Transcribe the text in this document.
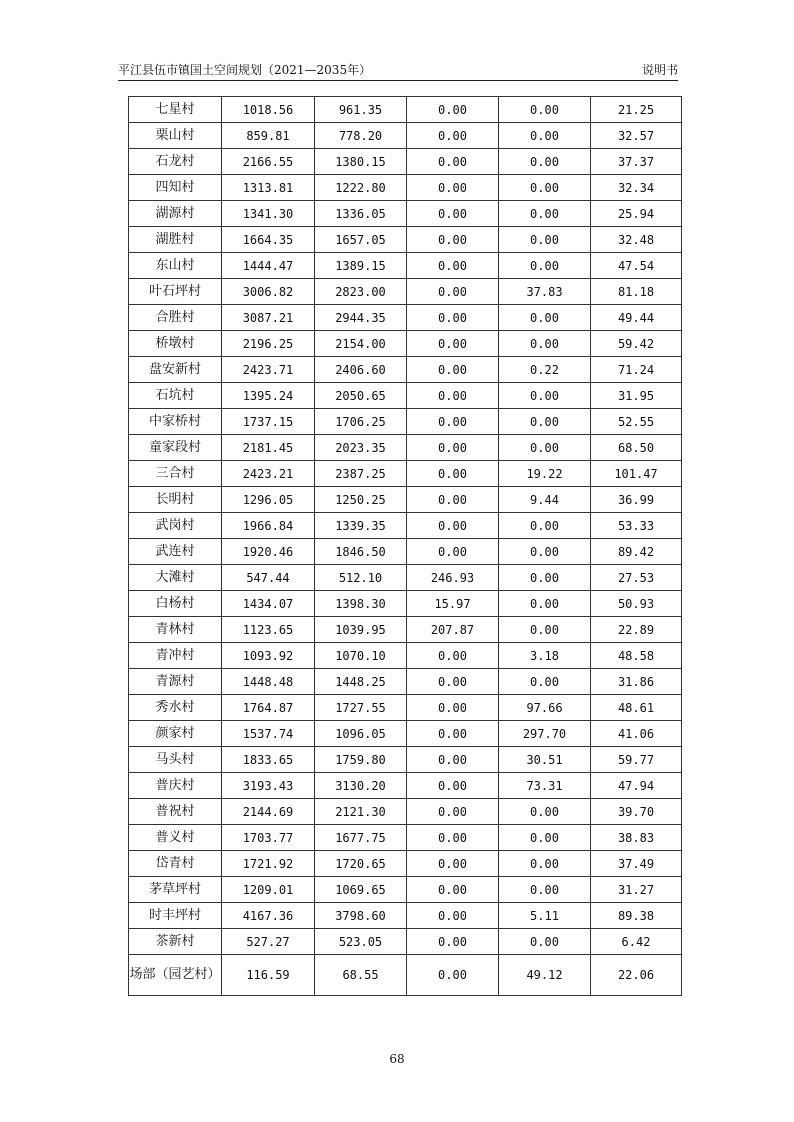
平江县伍市镇国土空间规划（2021—2035年）	说明书
七星村	1018.56	961.35	0.00	0.00	21.25
栗山村	859.81	778.20	0.00	0.00	32.57
石龙村	2166.55	1380.15	0.00	0.00	37.37
四知村	1313.81	1222.80	0.00	0.00	32.34
湖源村	1341.30	1336.05	0.00	0.00	25.94
湖胜村	1664.35	1657.05	0.00	0.00	32.48
东山村	1444.47	1389.15	0.00	0.00	47.54
叶石坪村	3006.82	2823.00	0.00	37.83	81.18
合胜村	3087.21	2944.35	0.00	0.00	49.44
桥墩村	2196.25	2154.00	0.00	0.00	59.42
盘安新村	2423.71	2406.60	0.00	0.22	71.24
石坑村	1395.24	2050.65	0.00	0.00	31.95
中家桥村	1737.15	1706.25	0.00	0.00	52.55
童家段村	2181.45	2023.35	0.00	0.00	68.50
三合村	2423.21	2387.25	0.00	19.22	101.47
长明村	1296.05	1250.25	0.00	9.44	36.99
武岗村	1966.84	1339.35	0.00	0.00	53.33
武连村	1920.46	1846.50	0.00	0.00	89.42
大滩村	547.44	512.10	246.93	0.00	27.53
白杨村	1434.07	1398.30	15.97	0.00	50.93
青林村	1123.65	1039.95	207.87	0.00	22.89
青冲村	1093.92	1070.10	0.00	3.18	48.58
青源村	1448.48	1448.25	0.00	0.00	31.86
秀水村	1764.87	1727.55	0.00	97.66	48.61
颜家村	1537.74	1096.05	0.00	297.70	41.06
马头村	1833.65	1759.80	0.00	30.51	59.77
普庆村	3193.43	3130.20	0.00	73.31	47.94
普祝村	2144.69	2121.30	0.00	0.00	39.70
普义村	1703.77	1677.75	0.00	0.00	38.83
岱青村	1721.92	1720.65	0.00	0.00	37.49
茅草坪村	1209.01	1069.65	0.00	0.00	31.27
时丰坪村	4167.36	3798.60	0.00	5.11	89.38
茶新村	527.27	523.05	0.00	0.00	6.42
场部（园艺村）	116.59	68.55	0.00	49.12	22.06
68
